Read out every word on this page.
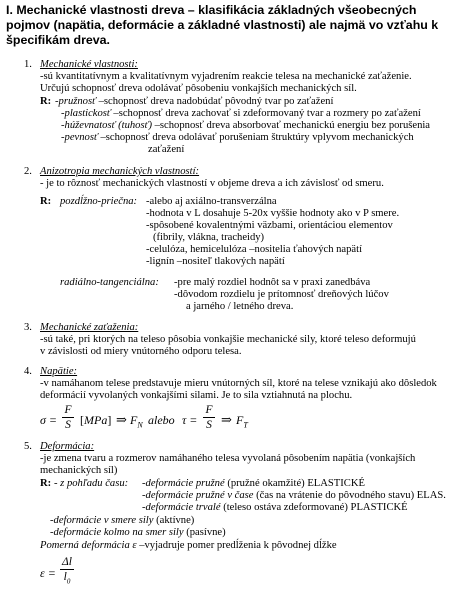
I. Mechanické vlastnosti dreva – klasifikácia základných všeobecných pojmov (napätia, deformácie a základné vlastnosti) ale najmä vo vzťahu k špecifikám dreva.
1. Mechanické vlastnosti:
-sú kvantitatívnym a kvalitatívnym vyjadrením reakcie telesa na mechanické zaťaženie.
Určujú schopnosť dreva odolávať pôsobeniu vonkajších mechanických síl.
R: -pružnosť –schopnosť dreva nadobúdať pôvodný tvar po zaťažení
-plastickosť –schopnosť dreva zachovať si zdeformovaný tvar a rozmery po zaťažení
-húževnatosť (tuhosť) –schopnosť dreva absorbovať mechanickú energiu bez porušenia
-pevnosť –schopnosť dreva odolávať porušeniam štruktúry vplyvom mechanických
zaťažení
2. Anizotropia mechanických vlastností:
- je to rôznosť mechanických vlastností v objeme dreva a ich závislosť od smeru.
R: pozdĺžno-priečna: -alebo aj axiálno-transverzálna
-hodnota v L dosahuje 5-20x vyššie hodnoty ako v P smere.
-spôsobené kovalentnými väzbami, orientáciou elementov
(fibrily, vlákna, tracheidy)
-celulóza, hemicelulóza –nositelia ťahových napätí
-lignín –nositeľ tlakových napätí
radiálno-tangenciálna: -pre malý rozdiel hodnôt sa v praxi zanedbáva
-dôvodom rozdielu je prítomnosť dreňových lúčov
a jarného / letného dreva.
3. Mechanické zaťaženia:
-sú také, pri ktorých na teleso pôsobia vonkajšie mechanické sily, ktoré teleso deformujú
v závislosti od miery vnútorného odporu telesa.
4. Napätie:
-v namáhanom telese predstavuje mieru vnútorných síl, ktoré na telese vznikajú ako dôsledok
deformácií vyvolaných vonkajšími silami. Je to sila vztiahnutá na plochu.
σ =
F
S [MPa] ⇒ $F_N$ alebo τ =
F
S ⇒ $F_T$
5. Deformácia:
-je zmena tvaru a rozmerov namáhaného telesa vyvolaná pôsobením napätia (vonkajších
mechanických síl)
R: - z pohľadu času: -deformácie pružné (pružné okamžité) ELASTICKÉ
-deformácie pružné v čase (čas na vrátenie do pôvodného stavu) ELAS.
-deformácie trvalé (teleso ostáva zdeformované) PLASTICKÉ
-deformácie v smere sily (aktívne)
-deformácie kolmo na smer sily (pasívne)
Pomerná deformácia ε –vyjadruje pomer predĺženia k pôvodnej dĺžke
ε =
Δl
$l_0$
